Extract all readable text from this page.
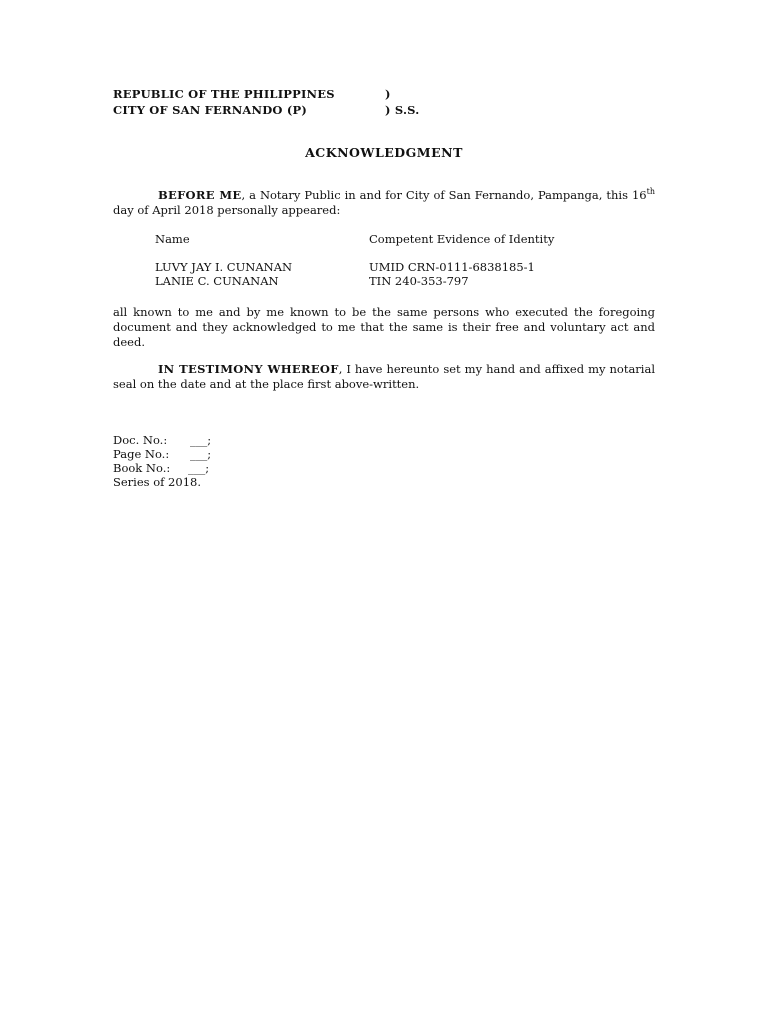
REPUBLIC OF THE PHILIPPINES	)
CITY OF SAN FERNANDO (P)	) S.S.
ACKNOWLEDGMENT
BEFORE ME, a Notary Public in and for City of San Fernando, Pampanga, this 16th day of April 2018 personally appeared:
Name	Competent Evidence of Identity
LUVY JAY I. CUNANAN	UMID CRN-0111-6838185-1
LANIE C. CUNANAN	TIN 240-353-797
all known to me and by me known to be the same persons who executed the foregoing document and they acknowledged to me that the same is their free and voluntary act and deed.
IN TESTIMONY WHEREOF, I have hereunto set my hand and affixed my notarial seal on the date and at the place first above-written.
Doc. No.: ___;
Page No.: ___;
Book No.: ___;
Series of 2018.
